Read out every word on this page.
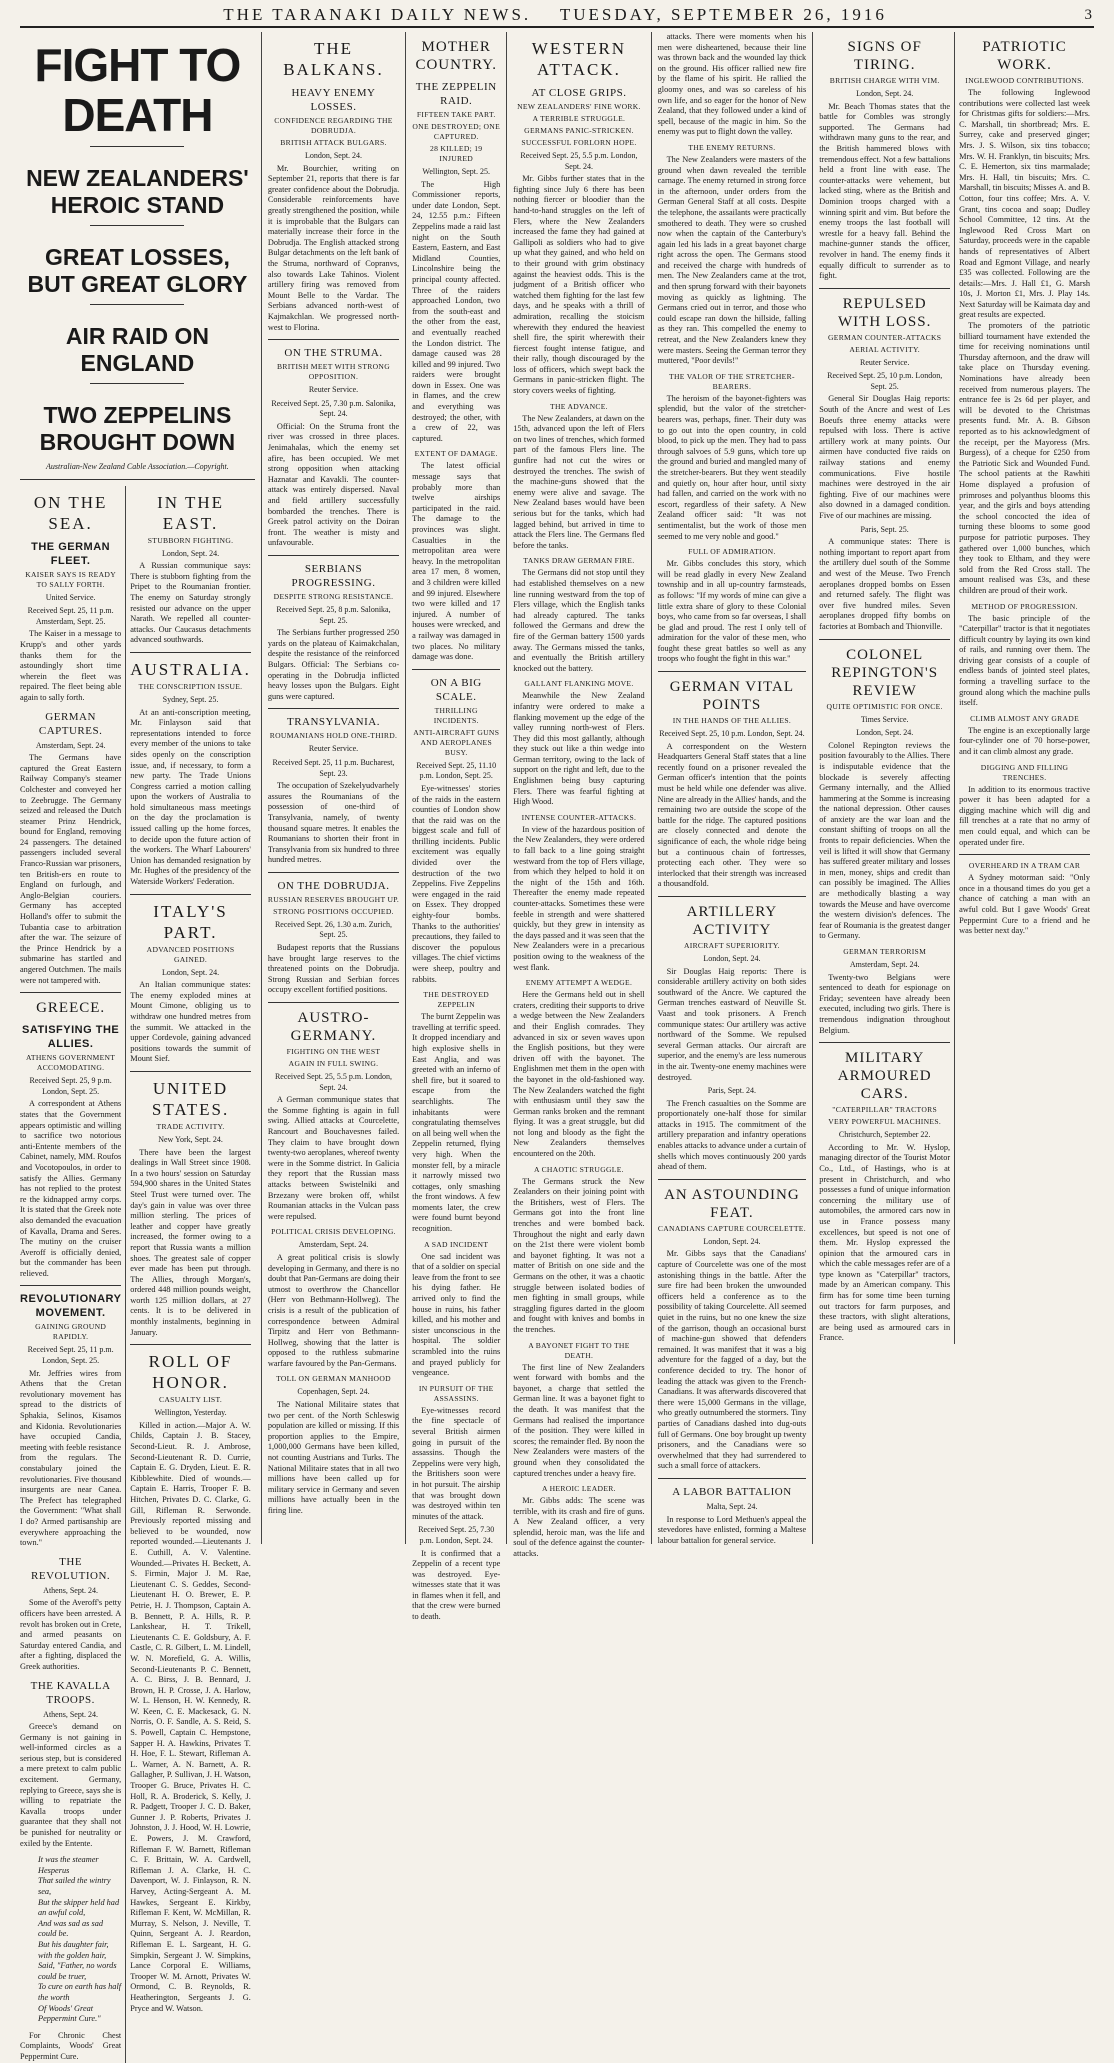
THE TARANAKI DAILY NEWS. TUESDAY, SEPTEMBER 26, 1916	3
FIGHT TO DEATH
NEW ZEALANDERS' HEROIC STAND
GREAT LOSSES, BUT GREAT GLORY
AIR RAID ON ENGLAND
TWO ZEPPELINS BROUGHT DOWN
Australian-New Zealand Cable Association.—Copyright.
ON THE SEA.
THE GERMAN FLEET.
KAISER SAYS IS READY TO SALLY FORTH.
United Service.
Received Sept. 25, 11 p.m. Amsterdam, Sept. 25.

The Kaiser in a message to Krupp's and other yards thanks them for the astoundingly short time wherein the fleet was repaired. The fleet being able again to sally forth.

GERMAN CAPTURES.
Amsterdam, Sept. 24.

The Germans have captured the Great Eastern Railway Company's steamer Colchester and conveyed her to Zeebrugge. The Germany seized and released the Dutch steamer Prinz Hendrick, bound for England, removing 24 passengers. The detained passengers included several Franco-Russian war prisoners, ten British-ers en route to England on furlough, and Anglo-Belgian couriers. Germany has accepted Holland's offer to submit the Tubantia case to arbitration after the war. The seizure of the Prince Hendrick by a submarine has startled and angered Outchmen. The mails were not tampered with.

GREECE.
SATISFYING THE ALLIES.
ATHENS GOVERNMENT ACCOMODATING.
Received Sept. 25, 9 p.m. London, Sept. 25.

A correspondent at Athens states that the Government appears optimistic and willing to sacrifice two notorious anti-Entente members of the Cabinet, namely, MM. Roufos and Vocotopoulos, in order to satisfy the Allies. Germany has not replied to the protest re the kidnapped army corps. It is stated that the Greek note also demanded the evacuation of Kavalla, Drama and Seres. The mutiny on the cruiser Averoff is officially denied, but the commander has been relieved.

REVOLUTIONARY MOVEMENT.
GAINING GROUND RAPIDLY.
Received Sept. 25, 11 p.m. London, Sept. 25.

Mr. Jeffries wires from Athens that the Cretan revolutionary movement has spread to the districts of Sphakia, Selinos, Kisamos and Kidonia. Revolutionaries have occupied Candia, meeting with feeble resistance from the regulars. The constabulary joined the revolutionaries. Five thousand insurgents are near Canea. The Prefect has telegraphed the Government: "What shall I do? Armed partisanship are everywhere approaching the town."

THE REVOLUTION.
Athens, Sept. 24.

Some of the Averoff's petty officers have been arrested. A revolt has broken out in Crete, and armed peasants on Saturday entered Candia, and after a fighting, displaced the Greek authorities.

THE KAVALLA TROOPS.
Athens, Sept. 24.

Greece's demand on Germany is not gaining in well-informed circles as a serious step, but is considered a mere pretext to calm public excitement. Germany, replying to Greece, says she is willing to repatriate the Kavalla troops under guarantee that they shall not be punished for neutrality or exiled by the Entente.

It was the steamer Hesperus
That sailed the wintry sea,
But the skipper held had an awful cold,
And was sad as sad could be.
But his daughter fair, with the golden hair,
Said, "Father, no words could be truer,
To cure on earth has half the worth
Of Woods' Great Peppermint Cure."

For Chronic Chest Complaints, Woods' Great Peppermint Cure.

IN THE EAST.
STUBBORN FIGHTING.
London, Sept. 24.

A Russian communique says: There is stubborn fighting from the Pripet to the Roumanian frontier. The enemy on Saturday strongly resisted our advance on the upper Narath. We repelled all counter-attacks. Our Caucasus detachments advanced southwards.

AUSTRALIA.
THE CONSCRIPTION ISSUE.
Sydney, Sept. 25.

At an anti-conscription meeting, Mr. Finlayson said that representations intended to force every member of the unions to take sides openly on the conscription issue, and, if necessary, to form a new party. The Trade Unions Congress carried a motion calling upon the workers of Australia to hold simultaneous mass meetings on the day the proclamation is issued calling up the home forces, to decide upon the future action of the workers. The Wharf Labourers' Union has demanded resignation by Mr. Hughes of the presidency of the Waterside Workers' Federation.

ITALY'S PART.
ADVANCED POSITIONS GAINED.
London, Sept. 24.

An Italian communique states: The enemy exploded mines at Mount Cimone, obliging us to withdraw one hundred metres from the summit. We attacked in the upper Cordevole, gaining advanced positions towards the summit of Mount Sief.

UNITED STATES.
TRADE ACTIVITY.
New York, Sept. 24.

There have been the largest dealings in Wall Street since 1908. In a two hours' session on Saturday 594,900 shares in the United States Steel Trust were turned over. The day's gain in value was over three million sterling. The prices of leather and copper have greatly increased, the former owing to a report that Russia wants a million shoes. The greatest sale of copper ever made has been put through. The Allies, through Morgan's, ordered 448 million pounds weight, worth 125 million dollars, at 27 cents. It is to be delivered in monthly instalments, beginning in January.

ROLL OF HONOR.
CASUALTY LIST.
Wellington, Yesterday.

Killed in action.—Major A. W. Childs, Captain J. B. Stacey, Second-Lieut. R. J. Ambrose, Second-Lieutenant R. D. Currie, Captain E. G. Dryden, Lieut. E. R. Kibblewhite. Died of wounds.—Captain E. Harris, Trooper F. B. Hitchen, Privates D. C. Clarke, G. Gill, Rifleman R. Serwonde. Previously reported missing and believed to be wounded, now reported wounded.—Lieutenants J. E. Cuthill, A. V. Valentine. Wounded.—Privates H. Beckett, A. S. Firmin, Major J. M. Rae, Lieutenant C. S. Geddes, Second-Lieutenant H. O. Brewer, E. P. Petrie, H. J. Thompson, Captain A. B. Bennett, P. A. Hills, R. P. Lankshear, H. T. Trikell, Lieutenants C. E. Goldsbury, A. F. Castle, C. R. Gilbert, L. M. Lindell, W. N. Morefield, G. A. Willis, Second-Lieutenants P. C. Bennett, A. C. Birss, J. B. Bennard, J. Brown, H. P. Crosse, J. A. Harlow, W. L. Henson, H. W. Kennedy, R. W. Keen, C. E. Mackesack, G. N. Norris, O. F. Sandle, A. S. Reid, S. S. Powell, Captain C. Hempstone, Sapper H. A. Hawkins, Privates T. H. Hoe, F. L. Stewart, Rifleman A. L. Warner, A. N. Barnett, A. R. Gallagher, P. Sullivan, J. H. Watson, Trooper G. Bruce, Privates H. C. Holl, R. A. Broderick, S. Kelly, J. R. Padgett, Trooper J. C. D. Baker, Gunner J. P. Roberts, Privates J. Johnston, J. J. Hood, W. H. Lowrie, E. Powers, J. M. Crawford, Rifleman F. W. Barnett, Rifleman C. F. Brittain, W. A. Cardwell, Rifleman J. A. Clarke, H. C. Davenport, W. J. Finlayson, R. N. Harvey, Acting-Sergeant A. M. Hawkes, Sergeant E. Kirkby, Rifleman F. Kent, W. McMillan, R. Murray, S. Nelson, J. Neville, T. Quinn, Sergeant A. J. Reardon, Rifleman E. L. Sargeant, H. G. Simpkin, Sergeant J. W. Simpkins, Lance Corporal E. Williams, Trooper W. M. Arnott, Privates W. Ormond, C. B. Reynolds, R. Heatherington, Sergeants J. G. Pryce and W. Watson.

THE BALKANS.
HEAVY ENEMY LOSSES.
CONFIDENCE REGARDING THE DOBRUDJA.
BRITISH ATTACK BULGARS.
London, Sept. 24.

Mr. Bourchier, writing on September 21, reports that there is far greater confidence about the Dobrudja. Considerable reinforcements have greatly strengthened the position, while it is improbable that the Bulgars can materially increase their force in the Dobrudja. The English attacked strong Bulgar detachments on the left bank of the Struma, northward of Copranvs, also towards Lake Tahinos. Violent artillery firing was removed from Mount Belle to the Vardar. The Serbians advanced north-west of Kajmakchlan. We progressed north-west to Florina.

ON THE STRUMA.
BRITISH MEET WITH STRONG OPPOSITION.
Reuter Service.
Received Sept. 25, 7.30 p.m. Salonika, Sept. 24.

Official: On the Struma front the river was crossed in three places. Jenimahalas, which the enemy set afire, has been occupied. We met strong opposition when attacking Haznatar and Kavakli. The counter-attack was entirely dispersed. Naval and field artillery successfully bombarded the trenches. There is Greek patrol activity on the Doiran front. The weather is misty and unfavourable.

SERBIANS PROGRESSING.
DESPITE STRONG RESISTANCE.
Received Sept. 25, 8 p.m. Salonika, Sept. 25.

The Serbians further progressed 250 yards on the plateau of Kaimakchalan, despite the resistance of the reinforced Bulgars. Official: The Serbians co-operating in the Dobrudja inflicted heavy losses upon the Bulgars. Eight guns were captured.

TRANSYLVANIA.
ROUMANIANS HOLD ONE-THIRD.
Reuter Service.
Received Sept. 25, 11 p.m. Bucharest, Sept. 23.

The occupation of Szekelyudvarhely assures the Roumanians of the possession of one-third of Transylvania, namely, of twenty thousand square metres. It enables the Roumanians to shorten their front in Transylvania from six hundred to three hundred metres.

ON THE DOBRUDJA.
RUSSIAN RESERVES BROUGHT UP.
STRONG POSITIONS OCCUPIED.
Received Sept. 26, 1.30 a.m. Zurich, Sept. 25.

Budapest reports that the Russians have brought large reserves to the threatened points on the Dobrudja. Strong Russian and Serbian forces occupy excellent fortified positions.

AUSTRO-GERMANY.
FIGHTING ON THE WEST
AGAIN IN FULL SWING.
Received Sept. 25, 5.5 p.m. London, Sept. 24.

A German communique states that the Somme fighting is again in full swing. Allied attacks at Courcelette, Rancourt and Bouchavesnes failed. They claim to have brought down twenty-two aeroplanes, whereof twenty were in the Somme district. In Galicia they report that the Russian mass attacks between Swistelniki and Brzezany were broken off, whilst Roumanian attacks in the Vulcan pass were repulsed.

POLITICAL CRISIS DEVELOPING.
Amsterdam, Sept. 24.

A great political crisis is slowly developing in Germany, and there is no doubt that Pan-Germans are doing their utmost to overthrow the Chancellor (Herr von Bethmann-Hollweg). The crisis is a result of the publication of correspondence between Admiral Tirpitz and Herr von Bethmann-Hollweg, showing that the latter is opposed to the ruthless submarine warfare favoured by the Pan-Germans.

TOLL ON GERMAN MANHOOD
Copenhagen, Sept. 24.

The National Militaire states that two per cent. of the North Schleswig population are killed or missing. If this proportion applies to the Empire, 1,000,000 Germans have been killed, not counting Austrians and Turks. The National Militaire states that in all two millions have been called up for military service in Germany and seven millions have actually been in the firing line.

MOTHER COUNTRY.
THE ZEPPELIN RAID.
FIFTEEN TAKE PART.
ONE DESTROYED; ONE CAPTURED.
28 KILLED; 19 INJURED
Wellington, Sept. 25.

The High Commissioner reports, under date London, Sept. 24, 12.55 p.m.: Fifteen Zeppelins made a raid last night on the South Eastern, Eastern, and East Midland Counties, Lincolnshire being the principal county affected. Three of the raiders approached London, two from the south-east and the other from the east, and eventually reached the London district. The damage caused was 28 killed and 99 injured. Two raiders were brought down in Essex. One was in flames, and the crew and everything was destroyed; the other, with a crew of 22, was captured.

EXTENT OF DAMAGE.

The latest official message says that probably more than twelve airships participated in the raid. The damage to the provinces was slight. Casualties in the metropolitan area were heavy. In the metropolitan area 17 men, 8 women, and 3 children were killed and 99 injured. Elsewhere two were killed and 17 injured. A number of houses were wrecked, and a railway was damaged in two places. No military damage was done.

ON A BIG SCALE.
THRILLING INCIDENTS.
ANTI-AIRCRAFT GUNS AND AEROPLANES BUSY.
Received Sept. 25, 11.10 p.m. London, Sept. 25.

Eye-witnesses' stories of the raids in the eastern counties of London show that the raid was on the biggest scale and full of thrilling incidents. Public excitement was equally divided over the destruction of the two Zeppelins. Five Zeppelins were engaged in the raid on Essex. They dropped eighty-four bombs. Thanks to the authorities' precautions, they failed to discover the populous villages. The chief victims were sheep, poultry and rabbits.

THE DESTROYED ZEPPELIN

The burnt Zeppelin was travelling at terrific speed. It dropped incendiary and high explosive shells in East Anglia, and was greeted with an inferno of shell fire, but it soared to escape from the searchlights. The inhabitants were congratulating themselves on all being well when the Zeppelin returned, flying very high. When the monster fell, by a miracle it narrowly missed two cottages, only smashing the front windows. A few moments later, the crew were found burnt beyond recognition.

A SAD INCIDENT

One sad incident was that of a soldier on special leave from the front to see his dying father. He arrived only to find the house in ruins, his father killed, and his mother and sister unconscious in the hospital. The soldier scrambled into the ruins and prayed publicly for vengeance.

IN PURSUIT OF THE ASSASSINS.

Eye-witnesses record the fine spectacle of several British airmen going in pursuit of the assassins. Though the Zeppelins were very high, the Britishers soon were in hot pursuit. The airship that was brought down was destroyed within ten minutes of the attack.

Received Sept. 25, 7.30 p.m. London, Sept. 24.

It is confirmed that a Zeppelin of a recent type was destroyed. Eye-witnesses state that it was in flames when it fell, and that the crew were burned to death.

WESTERN ATTACK.
AT CLOSE GRIPS.
NEW ZEALANDERS' FINE WORK.
A TERRIBLE STRUGGLE.
GERMANS PANIC-STRICKEN.
SUCCESSFUL FORLORN HOPE.
Received Sept. 25, 5.5 p.m. London, Sept. 24.

Mr. Gibbs further states that in the fighting since July 6 there has been nothing fiercer or bloodier than the hand-to-hand struggles on the left of Flers, where the New Zealanders increased the fame they had gained at Gallipoli as soldiers who had to give up what they gained, and who held on to their ground with grim obstinacy against the heaviest odds. This is the judgment of a British officer who watched them fighting for the last few days, and he speaks with a thrill of admiration, recalling the stoicism wherewith they endured the heaviest shell fire, the spirit wherewith their fiercest fought intense fatigue, and their rally, though discouraged by the loss of officers, which swept back the Germans in panic-stricken flight. The story covers weeks of fighting.

THE ADVANCE.

The New Zealanders, at dawn on the 15th, advanced upon the left of Flers on two lines of trenches, which formed part of the famous Flers line. The gunfire had not cut the wires or destroyed the trenches. The swish of the machine-guns showed that the enemy were alive and savage. The New Zealand bases would have been serious but for the tanks, which had lagged behind, but arrived in time to attack the Flers line. The Germans fled before the tanks.

TANKS DRAW GERMAN FIRE.

The Germans did not stop until they had established themselves on a new line running westward from the top of Flers village, which the English tanks had already captured. The tanks followed the Germans and drew the fire of the German battery 1500 yards away. The Germans missed the tanks, and eventually the British artillery knocked out the battery.

GALLANT FLANKING MOVE.

Meanwhile the New Zealand infantry were ordered to make a flanking movement up the edge of the valley running north-west of Flers. They did this most gallantly, although they stuck out like a thin wedge into German territory, owing to the lack of support on the right and left, due to the Englishmen being busy capturing Flers. There was fearful fighting at High Wood.

INTENSE COUNTER-ATTACKS.

In view of the hazardous position of the New Zealanders, they were ordered to fall back to a line going straight westward from the top of Flers village, from which they helped to hold it on the night of the 15th and 16th. Thereafter the enemy made repeated counter-attacks. Sometimes these were feeble in strength and were shattered quickly, but they grew in intensity as the days passed and it was seen that the New Zealanders were in a precarious position owing to the weakness of the west flank.

ENEMY ATTEMPT A WEDGE.

Here the Germans held out in shell craters, crediting their supports to drive a wedge between the New Zealanders and their English comrades. They advanced in six or seven waves upon the English positions, but they were driven off with the bayonet. The Englishmen met them in the open with the bayonet in the old-fashioned way. The New Zealanders watched the fight with enthusiasm until they saw the German ranks broken and the remnant flying. It was a great struggle, but did not long and bloody as the fight the New Zealanders themselves encountered on the 20th.

A CHAOTIC STRUGGLE.

The Germans struck the New Zealanders on their joining point with the Britishers, west of Flers. The Germans got into the front line trenches and were bombed back. Throughout the night and early dawn on the 21st there were violent bomb and bayonet fighting. It was not a matter of British on one side and the Germans on the other, it was a chaotic struggle between isolated bodies of men fighting in small groups, while straggling figures darted in the gloom and fought with knives and bombs in the trenches.

A BAYONET FIGHT TO THE DEATH.

The first line of New Zealanders went forward with bombs and the bayonet, a charge that settled the German line. It was a bayonet fight to the death. It was manifest that the Germans had realised the importance of the position. They were killed in scores; the remainder fled. By noon the New Zealanders were masters of the ground when they consolidated the captured trenches under a heavy fire.

A HEROIC LEADER.

Mr. Gibbs adds: The scene was terrible, with its crash and fire of guns. A New Zealand officer, a very splendid, heroic man, was the life and soul of the defence against the counter-attacks.

attacks. There were moments when his men were disheartened, because their line was thrown back and the wounded lay thick on the ground. His officer rallied new fire by the flame of his spirit. He rallied the gloomy ones, and was so careless of his own life, and so eager for the honor of New Zealand, that they followed under a kind of spell, because of the magic in him. So the enemy was put to flight down the valley.

THE ENEMY RETURNS.

The New Zealanders were masters of the ground when dawn revealed the terrible carnage. The enemy returned in strong force in the afternoon, under orders from the German General Staff at all costs. Despite the telephone, the assailants were practically smothered to death. They were so crushed now when the captain of the Canterbury's again led his lads in a great bayonet charge right across the open. The Germans stood and received the charge with hundreds of men. The New Zealanders came at the trot, and then sprung forward with their bayonets moving as quickly as lightning. The Germans cried out in terror, and those who could escape ran down the hillside, falling as they ran. This compelled the enemy to retreat, and the New Zealanders knew they were masters. Seeing the German terror they muttered, "Poor devils!"

THE VALOR OF THE STRETCHER-BEARERS.

The heroism of the bayonet-fighters was splendid, but the valor of the stretcher-bearers was, perhaps, finer. Their duty was to go out into the open country, in cold blood, to pick up the men. They had to pass through salvoes of 5.9 guns, which tore up the ground and buried and mangled many of the stretcher-bearers. But they went steadily and quietly on, hour after hour, until sixty had fallen, and carried on the work with no escort, regardless of their safety. A New Zealand officer said: "It was not sentimentalist, but the work of those men seemed to me very noble and good."

FULL OF ADMIRATION.

Mr. Gibbs concludes this story, which will be read gladly in every New Zealand township and in all up-country farmsteads, as follows: "If my words of mine can give a little extra share of glory to these Colonial boys, who came from so far overseas, I shall be glad and proud. The rest I only tell of admiration for the valor of these men, who fought these great battles so well as any troops who fought the fight in this war."

GERMAN VITAL POINTS
IN THE HANDS OF THE ALLIES.
Received Sept. 25, 10 p.m. London, Sept. 24.

A correspondent on the Western Headquarters General Staff states that a line recently found on a prisoner revealed the German officer's intention that the points must be held while one defender was alive. Nine are already in the Allies' hands, and the remaining two are outside the scope of the battle for the ridge. The captured positions are closely connected and denote the significance of each, the whole ridge being but a continuous chain of fortresses, protecting each other. They were so interlocked that their strength was increased a thousandfold.

ARTILLERY ACTIVITY
AIRCRAFT SUPERIORITY.
London, Sept. 24.

Sir Douglas Haig reports: There is considerable artillery activity on both sides southward of the Ancre. We captured the German trenches eastward of Neuville St. Vaast and took prisoners. A French communique states: Our artillery was active northward of the Somme. We repulsed several German attacks. Our aircraft are superior, and the enemy's are less numerous in the air. Twenty-one enemy machines were destroyed.

Paris, Sept. 24.

The French casualties on the Somme are proportionately one-half those for similar attacks in 1915. The commitment of the artillery preparation and infantry operations enables attacks to advance under a curtain of shells which moves continuously 200 yards ahead of them.

AN ASTOUNDING FEAT.
CANADIANS CAPTURE COURCELETTE.
London, Sept. 24.

Mr. Gibbs says that the Canadians' capture of Courcelette was one of the most astonishing things in the battle. After the sure fire had been broken the unwounded officers held a conference as to the possibility of taking Courcelette. All seemed quiet in the ruins, but no one knew the size of the garrison, though an occasional burst of machine-gun showed that defenders remained. It was manifest that it was a big adventure for the fagged of a day, but the conference decided to try. The honor of leading the attack was given to the French-Canadians. It was afterwards discovered that there were 15,000 Germans in the village, who greatly outnumbered the stormers. Tiny parties of Canadians dashed into dug-outs full of Germans. One boy brought up twenty prisoners, and the Canadians were so overwhelmed that they had surrendered to such a small force of attackers.

A LABOR BATTALION
Malta, Sept. 24.

In response to Lord Methuen's appeal the stevedores have enlisted, forming a Maltese labour battalion for general service.

SIGNS OF TIRING.
BRITISH CHARGE WITH VIM.
London, Sept. 24.

Mr. Beach Thomas states that the battle for Combles was strongly supported. The Germans had withdrawn many guns to the rear, and the British hammered blows with tremendous effect. Not a few battalions held a front line with ease. The counter-attacks were vehement, but lacked sting, where as the British and Dominion troops charged with a winning spirit and vim. But before the enemy troops the last football will wrestle for a heavy fall. Behind the machine-gunner stands the officer, revolver in hand. The enemy finds it equally difficult to surrender as to fight.

REPULSED WITH LOSS.
GERMAN COUNTER-ATTACKS
AERIAL ACTIVITY.
Reuter Service.
Received Sept. 25, 10 p.m. London, Sept. 25.

General Sir Douglas Haig reports: South of the Ancre and west of Les Boeufs three enemy attacks were repulsed with loss. There is active artillery work at many points. Our airmen have conducted five raids on railway stations and enemy communications. Five hostile machines were destroyed in the air fighting. Five of our machines were also downed in a damaged condition. Five of our machines are missing.

Paris, Sept. 25.

A communique states: There is nothing important to report apart from the artillery duel south of the Somme and west of the Meuse. Two French aeroplanes dropped bombs on Essen and returned safely. The flight was over five hundred miles. Seven aeroplanes dropped fifty bombs on factories at Bombach and Thionville.

COLONEL REPINGTON'S REVIEW
QUITE OPTIMISTIC FOR ONCE.
Times Service.
London, Sept. 24.

Colonel Repington reviews the position favourably to the Allies. There is indisputable evidence that the blockade is severely affecting Germany internally, and the Allied hammering at the Somme is increasing the national depression. Other causes of anxiety are the war loan and the constant shifting of troops on all the fronts to repair deficiencies. When the veil is lifted it will show that Germany has suffered greater military and losses in men, money, ships and credit than can possibly be imagined. The Allies are methodically blasting a way towards the Meuse and have overcome the western division's defences. The fear of Roumania is the greatest danger to Germany.

GERMAN TERRORISM
Amsterdam, Sept. 24.

Twenty-two Belgians were sentenced to death for espionage on Friday; seventeen have already been executed, including two girls. There is tremendous indignation throughout Belgium.

MILITARY ARMOURED CARS.
"CATERPILLAR" TRACTORS
VERY POWERFUL MACHINES.
Christchurch, September 22.

According to Mr. W. Hyslop, managing director of the Tourist Motor Co., Ltd., of Hastings, who is at present in Christchurch, and who possesses a fund of unique information concerning the military use of automobiles, the armored cars now in use in France possess many excellences, but speed is not one of them. Mr. Hyslop expressed the opinion that the armoured cars in which the cable messages refer are of a type known as "Caterpillar" tractors, made by an American company. This firm has for some time been turning out tractors for farm purposes, and these tractors, with slight alterations, are being used as armoured cars in France.

PATRIOTIC WORK.
INGLEWOOD CONTRIBUTIONS.

The following Inglewood contributions were collected last week for Christmas gifts for soldiers:—Mrs. C. Marshall, tin shortbread; Mrs. E. Surrey, cake and preserved ginger; Mrs. J. S. Wilson, six tins tobacco; Mrs. W. H. Franklyn, tin biscuits; Mrs. C. E. Hemerton, six tins marmalade; Mrs. H. Hall, tin biscuits; Mrs. C. Marshall, tin biscuits; Misses A. and B. Cotton, four tins coffee; Mrs. A. V. Grant, tins cocoa and soap; Dudley School Committee, 12 tins. At the Inglewood Red Cross Mart on Saturday, proceeds were in the capable hands of representatives of Albert Road and Egmont Village, and nearly £35 was collected. Following are the details:—Mrs. J. Hall £1, G. Marsh 10s, J. Morton £1, Mrs. J. Play 14s. Next Saturday will be Kaimata day and great results are expected.

The promoters of the patriotic billiard tournament have extended the time for receiving nominations until Thursday afternoon, and the draw will take place on Thursday evening. Nominations have already been received from numerous players. The entrance fee is 2s 6d per player, and will be devoted to the Christmas presents fund. Mr. A. B. Gibson reported as to his acknowledgment of the receipt, per the Mayoress (Mrs. Burgess), of a cheque for £250 from the Patriotic Sick and Wounded Fund. The school patients at the Rawhiti Home displayed a profusion of primroses and polyanthus blooms this year, and the girls and boys attending the school concocted the idea of turning these blooms to some good purpose for patriotic purposes. They gathered over 1,000 bunches, which they took to Eltham, and they were sold from the Red Cross stall. The amount realised was £3s, and these children are proud of their work.

METHOD OF PROGRESSION.

The basic principle of the "Caterpillar" tractor is that it negotiates difficult country by laying its own kind of rails, and running over them. The driving gear consists of a couple of endless bands of jointed steel plates, forming a travelling surface to the ground along which the machine pulls itself.

CLIMB ALMOST ANY GRADE

The engine is an exceptionally large four-cylinder one of 70 horse-power, and it can climb almost any grade.

DIGGING AND FILLING TRENCHES.

In addition to its enormous tractive power it has been adapted for a digging machine which will dig and fill trenches at a rate that no army of men could equal, and which can be operated under fire.

OVERHEARD IN A TRAM CAR

A Sydney motorman said: "Only once in a thousand times do you get a chance of catching a man with an awful cold. But I gave Woods' Great Peppermint Cure to a friend and he was better next day."
